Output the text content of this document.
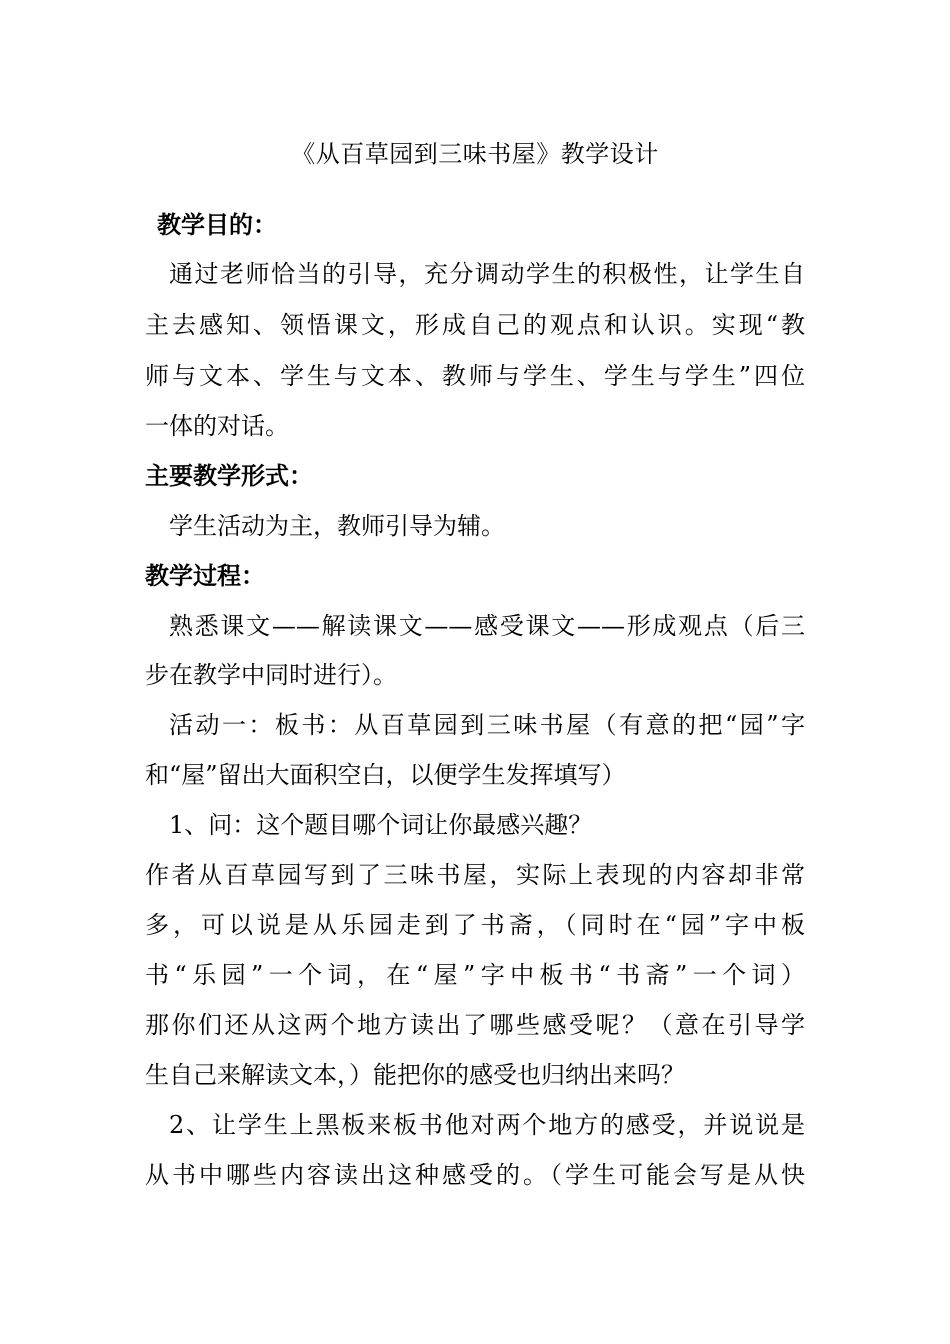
《从百草园到三味书屋》教学设计
教学目的：
通过老师恰当的引导，充分调动学生的积极性，让学生自
主去感知、领悟课文，形成自己的观点和认识。实现“教
师与文本、学生与文本、教师与学生、学生与学生”四位
一体的对话。
主要教学形式：
学生活动为主，教师引导为辅。
教学过程：
熟悉课文——解读课文——感受课文——形成观点（后三
步在教学中同时进行）。
活动一：板书：从百草园到三味书屋（有意的把“园”字
和“屋”留出大面积空白，以便学生发挥填写）
1、问：这个题目哪个词让你最感兴趣？
作者从百草园写到了三味书屋，实际上表现的内容却非常
多，可以说是从乐园走到了书斋，（同时在“园”字中板
书“乐园”一个词，在“屋”字中板书“书斋”一个词）
那你们还从这两个地方读出了哪些感受呢？（意在引导学
生自己来解读文本，）能把你的感受也归纳出来吗？
2、让学生上黑板来板书他对两个地方的感受，并说说是
从书中哪些内容读出这种感受的。（学生可能会写是从快
